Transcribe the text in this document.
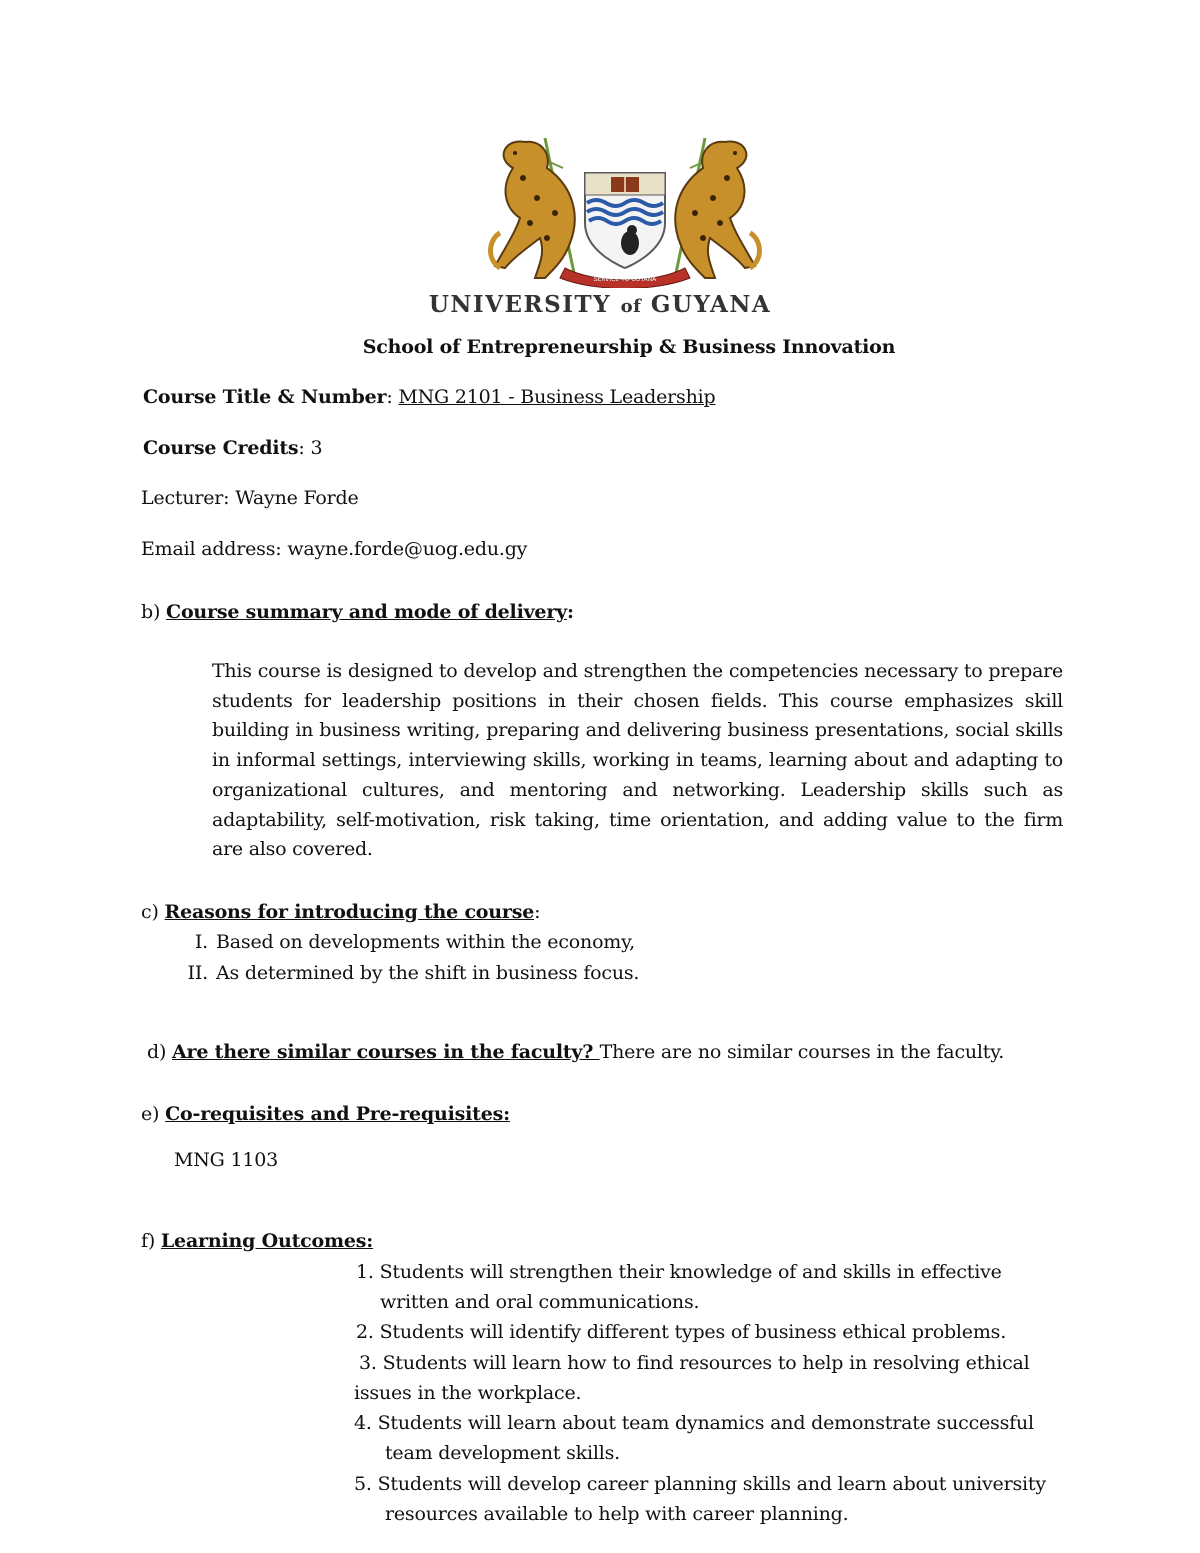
SERVICE TO GUYANA
UNIVERSITY of GUYANA
School of Entrepreneurship & Business Innovation
Course Title & Number: MNG 2101 - Business Leadership
Course Credits: 3
Lecturer: Wayne Forde
Email address: wayne.forde@uog.edu.gy
b) Course summary and mode of delivery:
This course is designed to develop and strengthen the competencies necessary to prepare
students for leadership positions in their chosen fields. This course emphasizes skill
building in business writing, preparing and delivering business presentations, social skills
in informal settings, interviewing skills, working in teams, learning about and adapting to
organizational cultures, and mentoring and networking. Leadership skills such as
adaptability, self-motivation, risk taking, time orientation, and adding value to the firm
are also covered.
c) Reasons for introducing the course:
I. Based on developments within the economy,
II. As determined by the shift in business focus.
d) Are there similar courses in the faculty? There are no similar courses in the faculty.
e) Co-requisites and Pre-requisites:
MNG 1103
f) Learning Outcomes:
1. Students will strengthen their knowledge of and skills in effective
written and oral communications.
2. Students will identify different types of business ethical problems.
3. Students will learn how to find resources to help in resolving ethical
issues in the workplace.
4. Students will learn about team dynamics and demonstrate successful
team development skills.
5. Students will develop career planning skills and learn about university
resources available to help with career planning.
